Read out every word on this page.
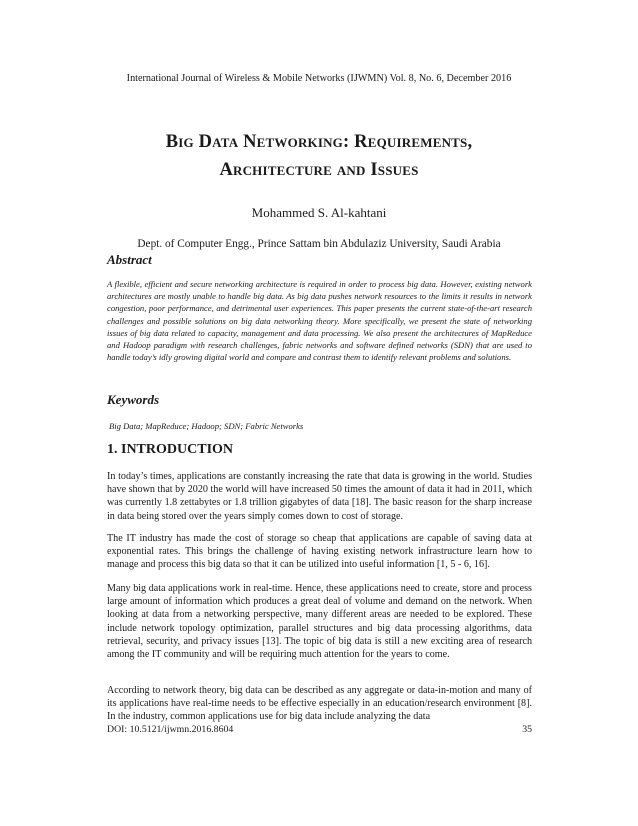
International Journal of Wireless & Mobile Networks (IJWMN) Vol. 8, No. 6, December 2016
Big Data Networking: Requirements,
Architecture and Issues
Mohammed S. Al-kahtani
Dept. of Computer Engg., Prince Sattam bin Abdulaziz University, Saudi Arabia
Abstract
A flexible, efficient and secure networking architecture is required in order to process big data. However, existing network architectures are mostly unable to handle big data. As big data pushes network resources to the limits it results in network congestion, poor performance, and detrimental user experiences. This paper presents the current state-of-the-art research challenges and possible solutions on big data networking theory. More specifically, we present the state of networking issues of big data related to capacity, management and data processing. We also present the architectures of MapReduce and Hadoop paradigm with research challenges, fabric networks and software defined networks (SDN) that are used to handle today’s idly growing digital world and compare and contrast them to identify relevant problems and solutions.
Keywords
Big Data; MapReduce; Hadoop; SDN; Fabric Networks
1. INTRODUCTION
In today’s times, applications are constantly increasing the rate that data is growing in the world. Studies have shown that by 2020 the world will have increased 50 times the amount of data it had in 2011, which was currently 1.8 zettabytes or 1.8 trillion gigabytes of data [18]. The basic reason for the sharp increase in data being stored over the years simply comes down to cost of storage.
The IT industry has made the cost of storage so cheap that applications are capable of saving data at exponential rates. This brings the challenge of having existing network infrastructure learn how to manage and process this big data so that it can be utilized into useful information [1, 5 - 6, 16].
Many big data applications work in real-time. Hence, these applications need to create, store and process large amount of information which produces a great deal of volume and demand on the network. When looking at data from a networking perspective, many different areas are needed to be explored. These include network topology optimization, parallel structures and big data processing algorithms, data retrieval, security, and privacy issues [13]. The topic of big data is still a new exciting area of research among the IT community and will be requiring much attention for the years to come.
According to network theory, big data can be described as any aggregate or data-in-motion and many of its applications have real-time needs to be effective especially in an education/research environment [8]. In the industry, common applications use for big data include analyzing the data
DOI: 10.5121/ijwmn.2016.8604	35
